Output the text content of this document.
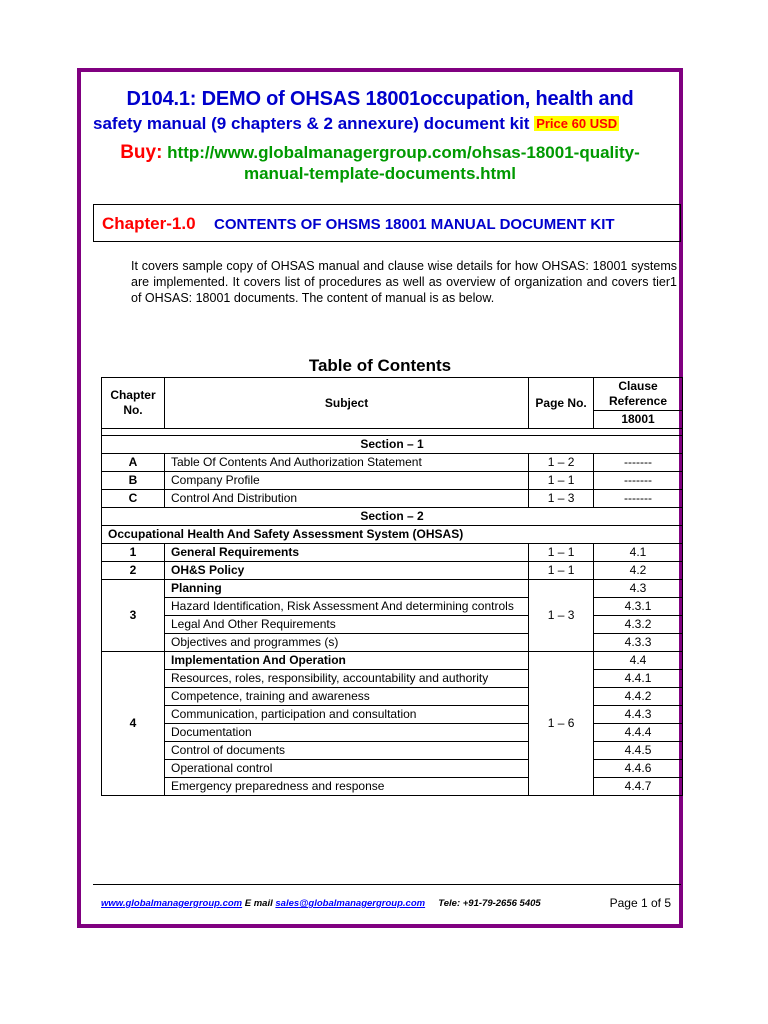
D104.1: DEMO of OHSAS 18001occupation, health and
safety manual (9 chapters & 2 annexure) document kit Price 60 USD
Buy: http://www.globalmanagergroup.com/ohsas-18001-quality-
manual-template-documents.html
Chapter-1.0 CONTENTS OF OHSMS 18001 MANUAL DOCUMENT KIT
It covers sample copy of OHSAS manual and clause wise details for how OHSAS: 18001 systems are implemented. It covers list of procedures as well as overview of organization and covers tier1 of OHSAS: 18001 documents. The content of manual is as below.
Table of Contents
Chapter No.	Subject	Page No.	Clause Reference
			18001

Section – 1			
A	Table Of Contents And Authorization Statement	1 – 2	-------
B	Company Profile	1 – 1	-------
C	Control And Distribution	1 – 3	-------
Section – 2			
Occupational Health And Safety Assessment System (OHSAS)			
1	General Requirements	1 – 1	4.1
2	OH&S Policy	1 – 1	4.2
3	Planning	1 – 3	4.3
	Hazard Identification, Risk Assessment And determining controls		4.3.1
	Legal And Other Requirements		4.3.2
	Objectives and programmes (s)		4.3.3
4	Implementation And Operation	1 – 6	4.4
	Resources, roles, responsibility, accountability and authority		4.4.1
	Competence, training and awareness		4.4.2
	Communication, participation and consultation		4.4.3
	Documentation		4.4.4
	Control of documents		4.4.5
	Operational control		4.4.6
	Emergency preparedness and response		4.4.7
www.globalmanagergroup.com E mail sales@globalmanagergroup.com Tele: +91-79-2656 5405	Page 1 of 5
